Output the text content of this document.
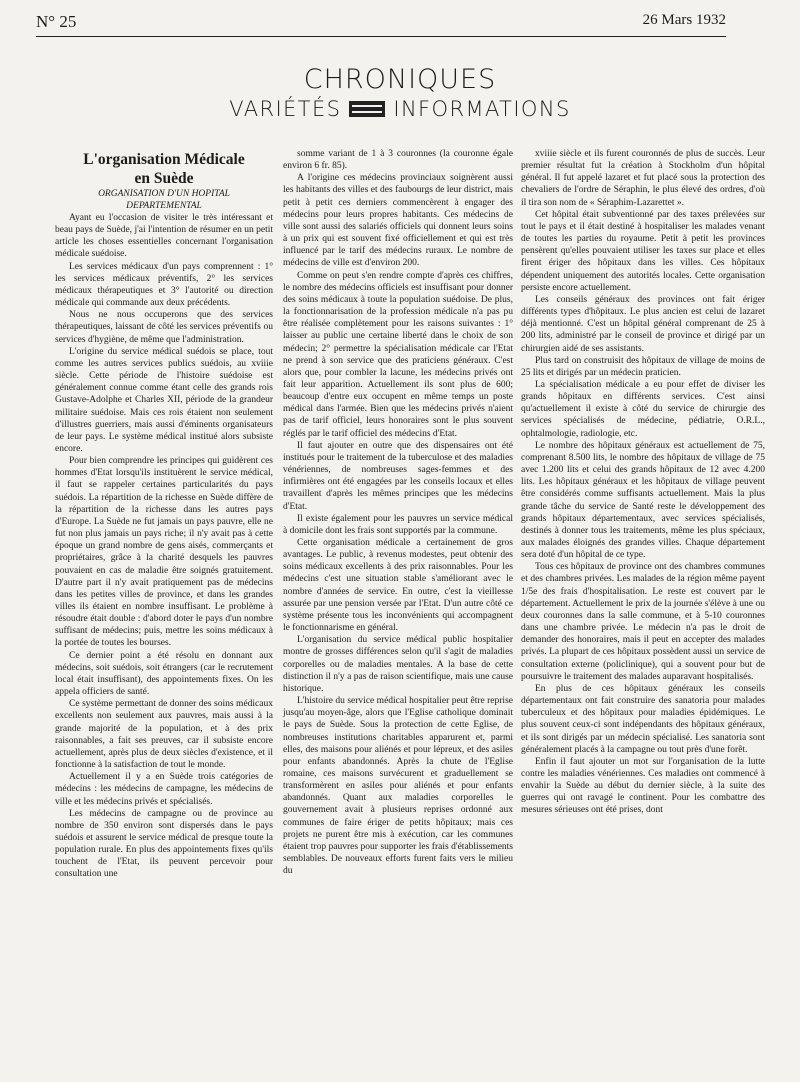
N° 25	26 Mars 1932
CHRONIQUES
VARIÉTÉS INFORMATIONS

L'organisation Médicale
en Suède

ORGANISATION D'UN HOPITAL
DEPARTEMENTAL

Ayant eu l'occasion de visiter le très intéressant et beau pays de Suède, j'ai l'intention de résumer en un petit article les choses essentielles concernant l'organisation médicale suédoise.

Les services médicaux d'un pays comprennent : 1° les services médicaux préventifs, 2° les services médicaux thérapeutiques et 3° l'autorité ou direction médicale qui commande aux deux précédents.

Nous ne nous occuperons que des services thérapeutiques, laissant de côté les services préventifs ou services d'hygiène, de même que l'administration.

L'origine du service médical suédois se place, tout comme les autres services publics suédois, au xviiie siècle. Cette période de l'histoire suédoise est généralement connue comme étant celle des grands rois Gustave-Adolphe et Charles XII, période de la grandeur militaire suédoise. Mais ces rois étaient non seulement d'illustres guerriers, mais aussi d'éminents organisateurs de leur pays. Le système médical institué alors subsiste encore.

Pour bien comprendre les principes qui guidèrent ces hommes d'Etat lorsqu'ils instituèrent le service médical, il faut se rappeler certaines particularités du pays suédois. La répartition de la richesse en Suède diffère de la répartition de la richesse dans les autres pays d'Europe. La Suède ne fut jamais un pays pauvre, elle ne fut non plus jamais un pays riche; il n'y avait pas à cette époque un grand nombre de gens aisés, commerçants et propriétaires, grâce à la charité desquels les pauvres pouvaient en cas de maladie être soignés gratuitement. D'autre part il n'y avait pratiquement pas de médecins dans les petites villes de province, et dans les grandes villes ils étaient en nombre insuffisant. Le problème à résoudre était double : d'abord doter le pays d'un nombre suffisant de médecins; puis, mettre les soins médicaux à la portée de toutes les bourses.

Ce dernier point a été résolu en donnant aux médecins, soit suédois, soit étrangers (car le recrutement local était insuffisant), des appointements fixes. On les appela officiers de santé.

Ce système permettant de donner des soins médicaux excellents non seulement aux pauvres, mais aussi à la grande majorité de la population, et à des prix raisonnables, a fait ses preuves, car il subsiste encore actuellement, après plus de deux siècles d'existence, et il fonctionne à la satisfaction de tout le monde.

Actuellement il y a en Suède trois catégories de médecins : les médecins de campagne, les médecins de ville et les médecins privés et spécialisés.

Les médecins de campagne ou de province au nombre de 350 environ sont dispersés dans le pays suédois et assurent le service médical de presque toute la population rurale. En plus des appointements fixes qu'ils touchent de l'Etat, ils peuvent percevoir pour consultation une

somme variant de 1 à 3 couronnes (la couronne égale environ 6 fr. 85).

A l'origine ces médecins provinciaux soignèrent aussi les habitants des villes et des faubourgs de leur district, mais petit à petit ces derniers commencèrent à engager des médecins pour leurs propres habitants. Ces médecins de ville sont aussi des salariés officiels qui donnent leurs soins à un prix qui est souvent fixé officiellement et qui est très influencé par le tarif des médecins ruraux. Le nombre de médecins de ville est d'environ 200.

Comme on peut s'en rendre compte d'après ces chiffres, le nombre des médecins officiels est insuffisant pour donner des soins médicaux à toute la population suédoise. De plus, la fonctionnarisation de la profession médicale n'a pas pu être réalisée complètement pour les raisons suivantes : 1° laisser au public une certaine liberté dans le choix de son médecin; 2° permettre la spécialisation médicale car l'Etat ne prend à son service que des praticiens généraux. C'est alors que, pour combler la lacune, les médecins privés ont fait leur apparition. Actuellement ils sont plus de 600; beaucoup d'entre eux occupent en même temps un poste médical dans l'armée. Bien que les médecins privés n'aient pas de tarif officiel, leurs honoraires sont le plus souvent réglés par le tarif officiel des médecins d'Etat.

Il faut ajouter en outre que des dispensaires ont été institués pour le traitement de la tuberculose et des maladies vénériennes, de nombreuses sages-femmes et des infirmières ont été engagées par les conseils locaux et elles travaillent d'après les mêmes principes que les médecins d'Etat.

Il existe également pour les pauvres un service médical à domicile dont les frais sont supportés par la commune.

Cette organisation médicale a certainement de gros avantages. Le public, à revenus modestes, peut obtenir des soins médicaux excellents à des prix raisonnables. Pour les médecins c'est une situation stable s'améliorant avec le nombre d'années de service. En outre, c'est la vieillesse assurée par une pension versée par l'Etat. D'un autre côté ce système présente tous les inconvénients qui accompagnent le fonctionnarisme en général.

L'organisation du service médical public hospitalier montre de grosses différences selon qu'il s'agit de maladies corporelles ou de maladies mentales. A la base de cette distinction il n'y a pas de raison scientifique, mais une cause historique.

L'histoire du service médical hospitalier peut être reprise jusqu'au moyen-âge, alors que l'Eglise catholique dominait le pays de Suède. Sous la protection de cette Eglise, de nombreuses institutions charitables apparurent et, parmi elles, des maisons pour aliénés et pour lépreux, et des asiles pour enfants abandonnés. Après la chute de l'Eglise romaine, ces maisons survécurent et graduellement se transformèrent en asiles pour aliénés et pour enfants abandonnés. Quant aux maladies corporelles le gouvernement avait à plusieurs reprises ordonné aux communes de faire ériger de petits hôpitaux; mais ces projets ne purent être mis à exécution, car les communes étaient trop pauvres pour supporter les frais d'établissements semblables. De nouveaux efforts furent faits vers le milieu du

xviiie siècle et ils furent couronnés de plus de succès. Leur premier résultat fut la création à Stockholm d'un hôpital général. Il fut appelé lazaret et fut placé sous la protection des chevaliers de l'ordre de Séraphin, le plus élevé des ordres, d'où il tira son nom de « Séraphim-Lazarettet ».

Cet hôpital était subventionné par des taxes prélevées sur tout le pays et il était destiné à hospitaliser les malades venant de toutes les parties du royaume. Petit à petit les provinces pensèrent qu'elles pouvaient utiliser les taxes sur place et elles firent ériger des hôpitaux dans les villes. Ces hôpitaux dépendent uniquement des autorités locales. Cette organisation persiste encore actuellement.

Les conseils généraux des provinces ont fait ériger différents types d'hôpitaux. Le plus ancien est celui de lazaret déjà mentionné. C'est un hôpital général comprenant de 25 à 200 lits, administré par le conseil de province et dirigé par un chirurgien aidé de ses assistants.

Plus tard on construisit des hôpitaux de village de moins de 25 lits et dirigés par un médecin praticien.

La spécialisation médicale a eu pour effet de diviser les grands hôpitaux en différents services. C'est ainsi qu'actuellement il existe à côté du service de chirurgie des services spécialisés de médecine, pédiatrie, O.R.L., ophtalmologie, radiologie, etc.

Le nombre des hôpitaux généraux est actuellement de 75, comprenant 8.500 lits, le nombre des hôpitaux de village de 75 avec 1.200 lits et celui des grands hôpitaux de 12 avec 4.200 lits. Les hôpitaux généraux et les hôpitaux de village peuvent être considérés comme suffisants actuellement. Mais la plus grande tâche du service de Santé reste le développement des grands hôpitaux départementaux, avec services spécialisés, destinés à donner tous les traitements, même les plus spéciaux, aux malades éloignés des grandes villes. Chaque département sera doté d'un hôpital de ce type.

Tous ces hôpitaux de province ont des chambres communes et des chambres privées. Les malades de la région même payent 1/5e des frais d'hospitalisation. Le reste est couvert par le département. Actuellement le prix de la journée s'élève à une ou deux couronnes dans la salle commune, et à 5-10 couronnes dans une chambre privée. Le médecin n'a pas le droit de demander des honoraires, mais il peut en accepter des malades privés. La plupart de ces hôpitaux possèdent aussi un service de consultation externe (policlinique), qui a souvent pour but de poursuivre le traitement des malades auparavant hospitalisés.

En plus de ces hôpitaux généraux les conseils départementaux ont fait construire des sanatoria pour malades tuberculeux et des hôpitaux pour maladies épidémiques. Le plus souvent ceux-ci sont indépendants des hôpitaux généraux, et ils sont dirigés par un médecin spécialisé. Les sanatoria sont généralement placés à la campagne ou tout près d'une forêt.

Enfin il faut ajouter un mot sur l'organisation de la lutte contre les maladies vénériennes. Ces maladies ont commencé à envahir la Suède au début du dernier siècle, à la suite des guerres qui ont ravagé le continent. Pour les combattre des mesures sérieuses ont été prises, dont
